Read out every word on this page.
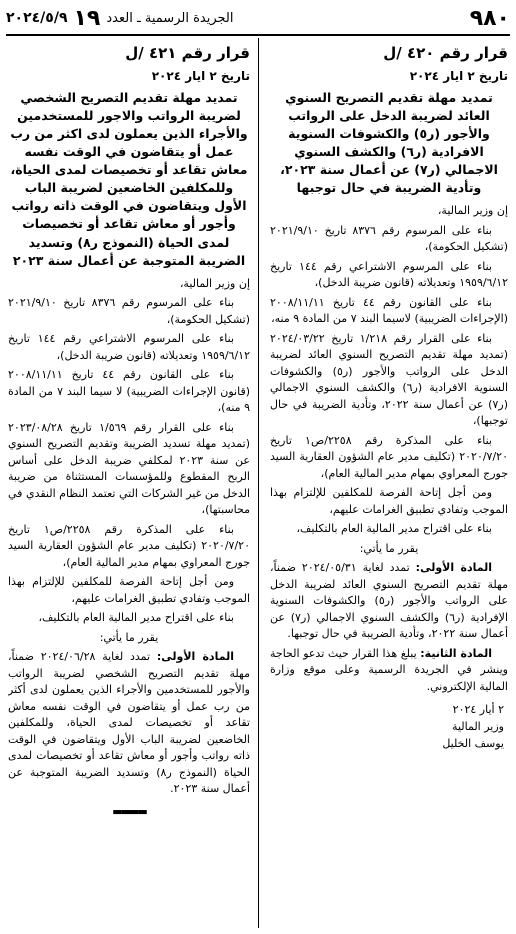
٢٠٢٤/٥/٩ ١٩ الجريدة الرسمية ـ العدد	٩٨٠
قرار رقم ٤٢٠ /ل
تاريخ ٢ ايار ٢٠٢٤
تمديد مهلة تقديم التصريح السنوي العائد لضريبة الدخل على الرواتب والأجور (ر٥) والكشوفات السنوية الافرادية (ر٦) والكشف السنوي الاجمالي (ر٧) عن أعمال سنة ٢٠٢٣، وتأدية الضريبة في حال توجبها
إن وزير المالية،
بناء على المرسوم رقم ٨٣٧٦ تاريخ ٢٠٢١/٩/١٠ (تشكيل الحكومة)،
بناء على المرسوم الاشتراعي رقم ١٤٤ تاريخ ١٩٥٩/٦/١٢ وتعديلاته (قانون ضريبة الدخل)،
بناء على القانون رقم ٤٤ تاريخ ٢٠٠٨/١١/١١ (الإجراءات الضريبية) لاسيما البند ٧ من المادة ٩ منه،
بناء على القرار رقم ١/٢١٨ تاريخ ٢٠٢٤/٠٣/٢٢ (تمديد مهلة تقديم التصريح السنوي العائد لضريبة الدخل على الرواتب والأجور (ر٥) والكشوفات السنوية الافرادية (ر٦) والكشف السنوي الاجمالي (ر٧) عن أعمال سنة ٢٠٢٢، وتأدية الضريبة في حال توجبها)،
بناء على المذكرة رقم ٢٢٥٨/ص١ تاريخ ٢٠٢٠/٧/٢٠ (تكليف مدير عام الشؤون العقارية السيد جورج المعراوي بمهام مدير المالية العام)،
ومن أجل إتاحة الفرصة للمكلفين للإلتزام بهذا الموجب وتفادي تطبيق الغرامات عليهم،
بناء على اقتراح مدير المالية العام بالتكليف،
يقرر ما يأتي:
المادة الأولى: تمدد لغاية ٢٠٢٤/٠٥/٣١ ضمناً، مهلة تقديم التصريح السنوي العائد لضريبة الدخل على الرواتب والأجور (ر٥) والكشوفات السنوية الإفرادية (ر٦) والكشف السنوي الاجمالي (ر٧) عن أعمال سنة ٢٠٢٢، وتأدية الضريبة في حال توجبها.
المادة الثانية: يبلغ هذا القرار حيث تدعو الحاجة وينشر في الجريدة الرسمية وعلى موقع وزارة المالية الإلكتروني.
٢ أيار ٢٠٢٤
وزير المالية
يوسف الخليل
قرار رقم ٤٢١ /ل
تاريخ ٢ ايار ٢٠٢٤
تمديد مهلة تقديم التصريح الشخصي لضريبة الرواتب والاجور للمستخدمين والأجراء الذين يعملون لدى اكثر من رب عمل أو يتقاضون في الوقت نفسه معاش تقاعد أو تخصيصات لمدى الحياة، وللمكلفين الخاضعين لضريبة الباب الأول ويتقاضون في الوقت ذاته رواتب وأجور أو معاش تقاعد أو تخصيصات لمدى الحياة (النموذج ر٨) وتسديد الضريبة المتوجبة عن أعمال سنة ٢٠٢٣
إن وزير المالية،
بناء على المرسوم رقم ٨٣٧٦ تاريخ ٢٠٢١/٩/١٠ (تشكيل الحكومة)،
بناء على المرسوم الاشتراعي رقم ١٤٤ تاريخ ١٩٥٩/٦/١٢ وتعديلاته (قانون ضريبة الدخل)،
بناء على القانون رقم ٤٤ تاريخ ٢٠٠٨/١١/١١ (قانون الإجراءات الضريبية) لا سيما البند ٧ من المادة ٩ منه)،
بناء على القرار رقم ١/٥٦٩ تاريخ ٢٠٢٣/٠٨/٢٨ (تمديد مهلة تسديد الضريبة وتقديم التصريح السنوي عن سنة ٢٠٢٣ لمكلفي ضريبة الدخل على أساس الربح المقطوع وللمؤسسات المستثناة من ضريبة الدخل من غير الشركات التي تعتمد النظام النقدي في محاسبتها)،
بناء على المذكرة رقم ٢٢٥٨/ص١ تاريخ ٢٠٢٠/٧/٢٠ (تكليف مدير عام الشؤون العقارية السيد جورج المعراوي بمهام مدير المالية العام)،
ومن أجل إتاحة الفرصة للمكلفين للإلتزام بهذا الموجب وتفادي تطبيق الغرامات عليهم،
بناء على اقتراح مدير المالية العام بالتكليف،
يقرر ما يأتي:
المادة الأولى: تمدد لغاية ٢٠٢٤/٠٦/٢٨ ضمناً، مهلة تقديم التصريح الشخصي لضريبة الرواتب والأجور للمستخدمين والأجراء الذين يعملون لدى أكثر من رب عمل أو يتقاضون في الوقت نفسه معاش تقاعد أو تخصيصات لمدى الحياة، وللمكلفين الخاضعين لضريبة الباب الأول ويتقاضون في الوقت ذاته رواتب وأجور أو معاش تقاعد أو تخصيصات لمدى الحياة (النموذج ر٨) وتسديد الضريبة المتوجبة عن أعمال سنة ٢٠٢٣.
▬▬▬▬
